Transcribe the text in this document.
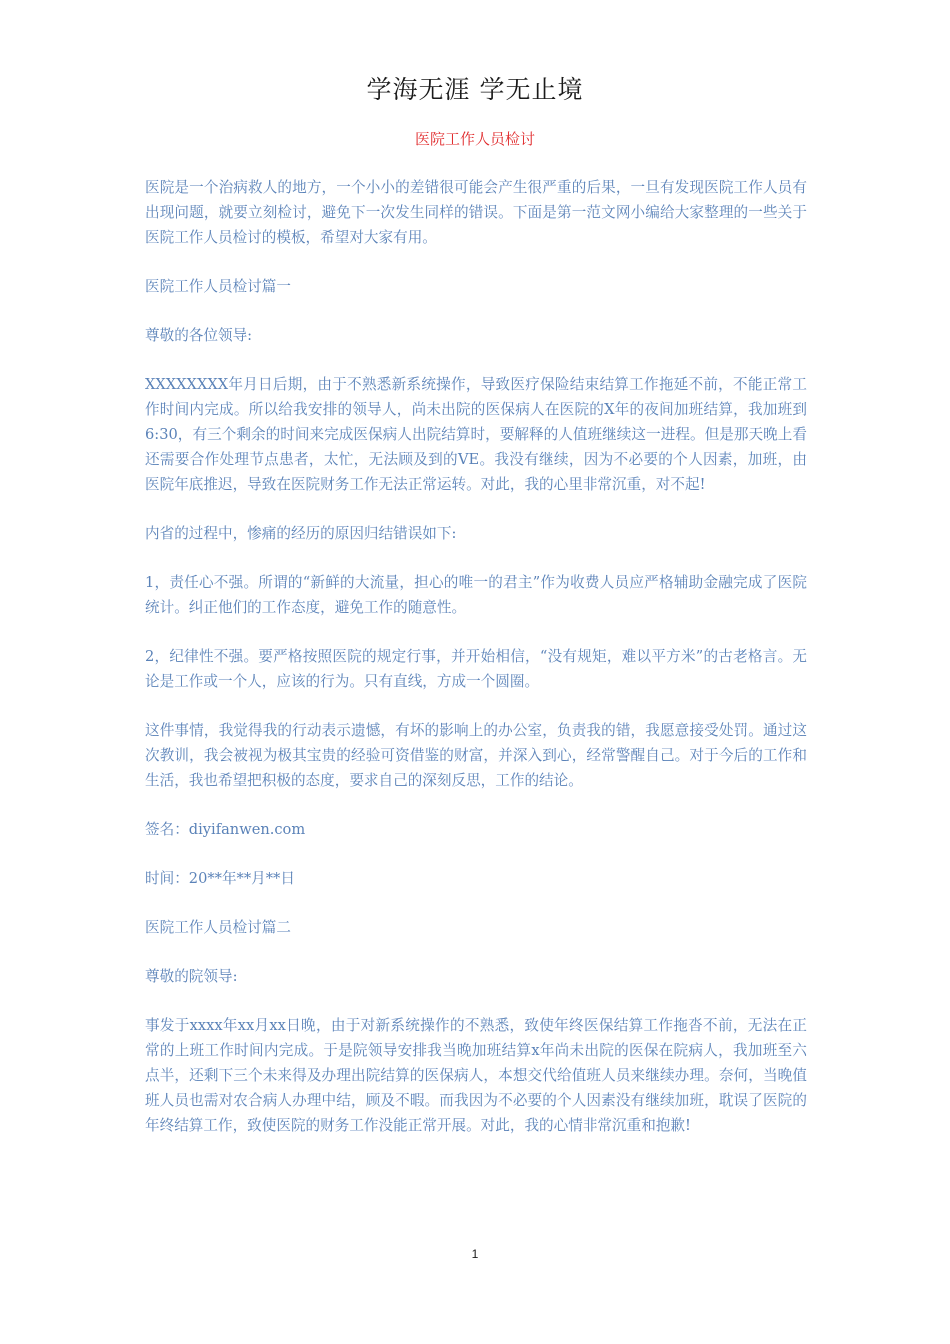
学海无涯 学无止境
医院工作人员检讨

医院是一个治病救人的地方，一个小小的差错很可能会产生很严重的后果，一旦有发现医院工作人员有出现问题，就要立刻检讨，避免下一次发生同样的错误。下面是第一范文网小编给大家整理的一些关于医院工作人员检讨的模板，希望对大家有用。

医院工作人员检讨篇一

尊敬的各位领导:

XXXXXXXX年月日后期，由于不熟悉新系统操作，导致医疗保险结束结算工作拖延不前，不能正常工作时间内完成。所以给我安排的领导人，尚未出院的医保病人在医院的X年的夜间加班结算，我加班到6:30，有三个剩余的时间来完成医保病人出院结算时，要解释的人值班继续这一进程。但是那天晚上看还需要合作处理节点患者，太忙，无法顾及到的VE。我没有继续，因为不必要的个人因素，加班，由医院年底推迟，导致在医院财务工作无法正常运转。对此，我的心里非常沉重，对不起!

内省的过程中，惨痛的经历的原因归结错误如下:

1，责任心不强。所谓的“新鲜的大流量，担心的唯一的君主”作为收费人员应严格辅助金融完成了医院统计。纠正他们的工作态度，避免工作的随意性。

2，纪律性不强。要严格按照医院的规定行事，并开始相信，“没有规矩，难以平方米”的古老格言。无论是工作或一个人，应该的行为。只有直线，方成一个圆圈。

这件事情，我觉得我的行动表示遗憾，有坏的影响上的办公室，负责我的错，我愿意接受处罚。通过这次教训，我会被视为极其宝贵的经验可资借鉴的财富，并深入到心，经常警醒自己。对于今后的工作和生活，我也希望把积极的态度，要求自己的深刻反思，工作的结论。

签名：diyifanwen.com

时间：20**年**月**日

医院工作人员检讨篇二

尊敬的院领导:

事发于xxxx年xx月xx日晚，由于对新系统操作的不熟悉，致使年终医保结算工作拖沓不前，无法在正常的上班工作时间内完成。于是院领导安排我当晚加班结算x年尚未出院的医保在院病人，我加班至六点半，还剩下三个未来得及办理出院结算的医保病人，本想交代给值班人员来继续办理。奈何，当晚值班人员也需对农合病人办理中结，顾及不暇。而我因为不必要的个人因素没有继续加班，耽误了医院的年终结算工作，致使医院的财务工作没能正常开展。对此，我的心情非常沉重和抱歉!

1
